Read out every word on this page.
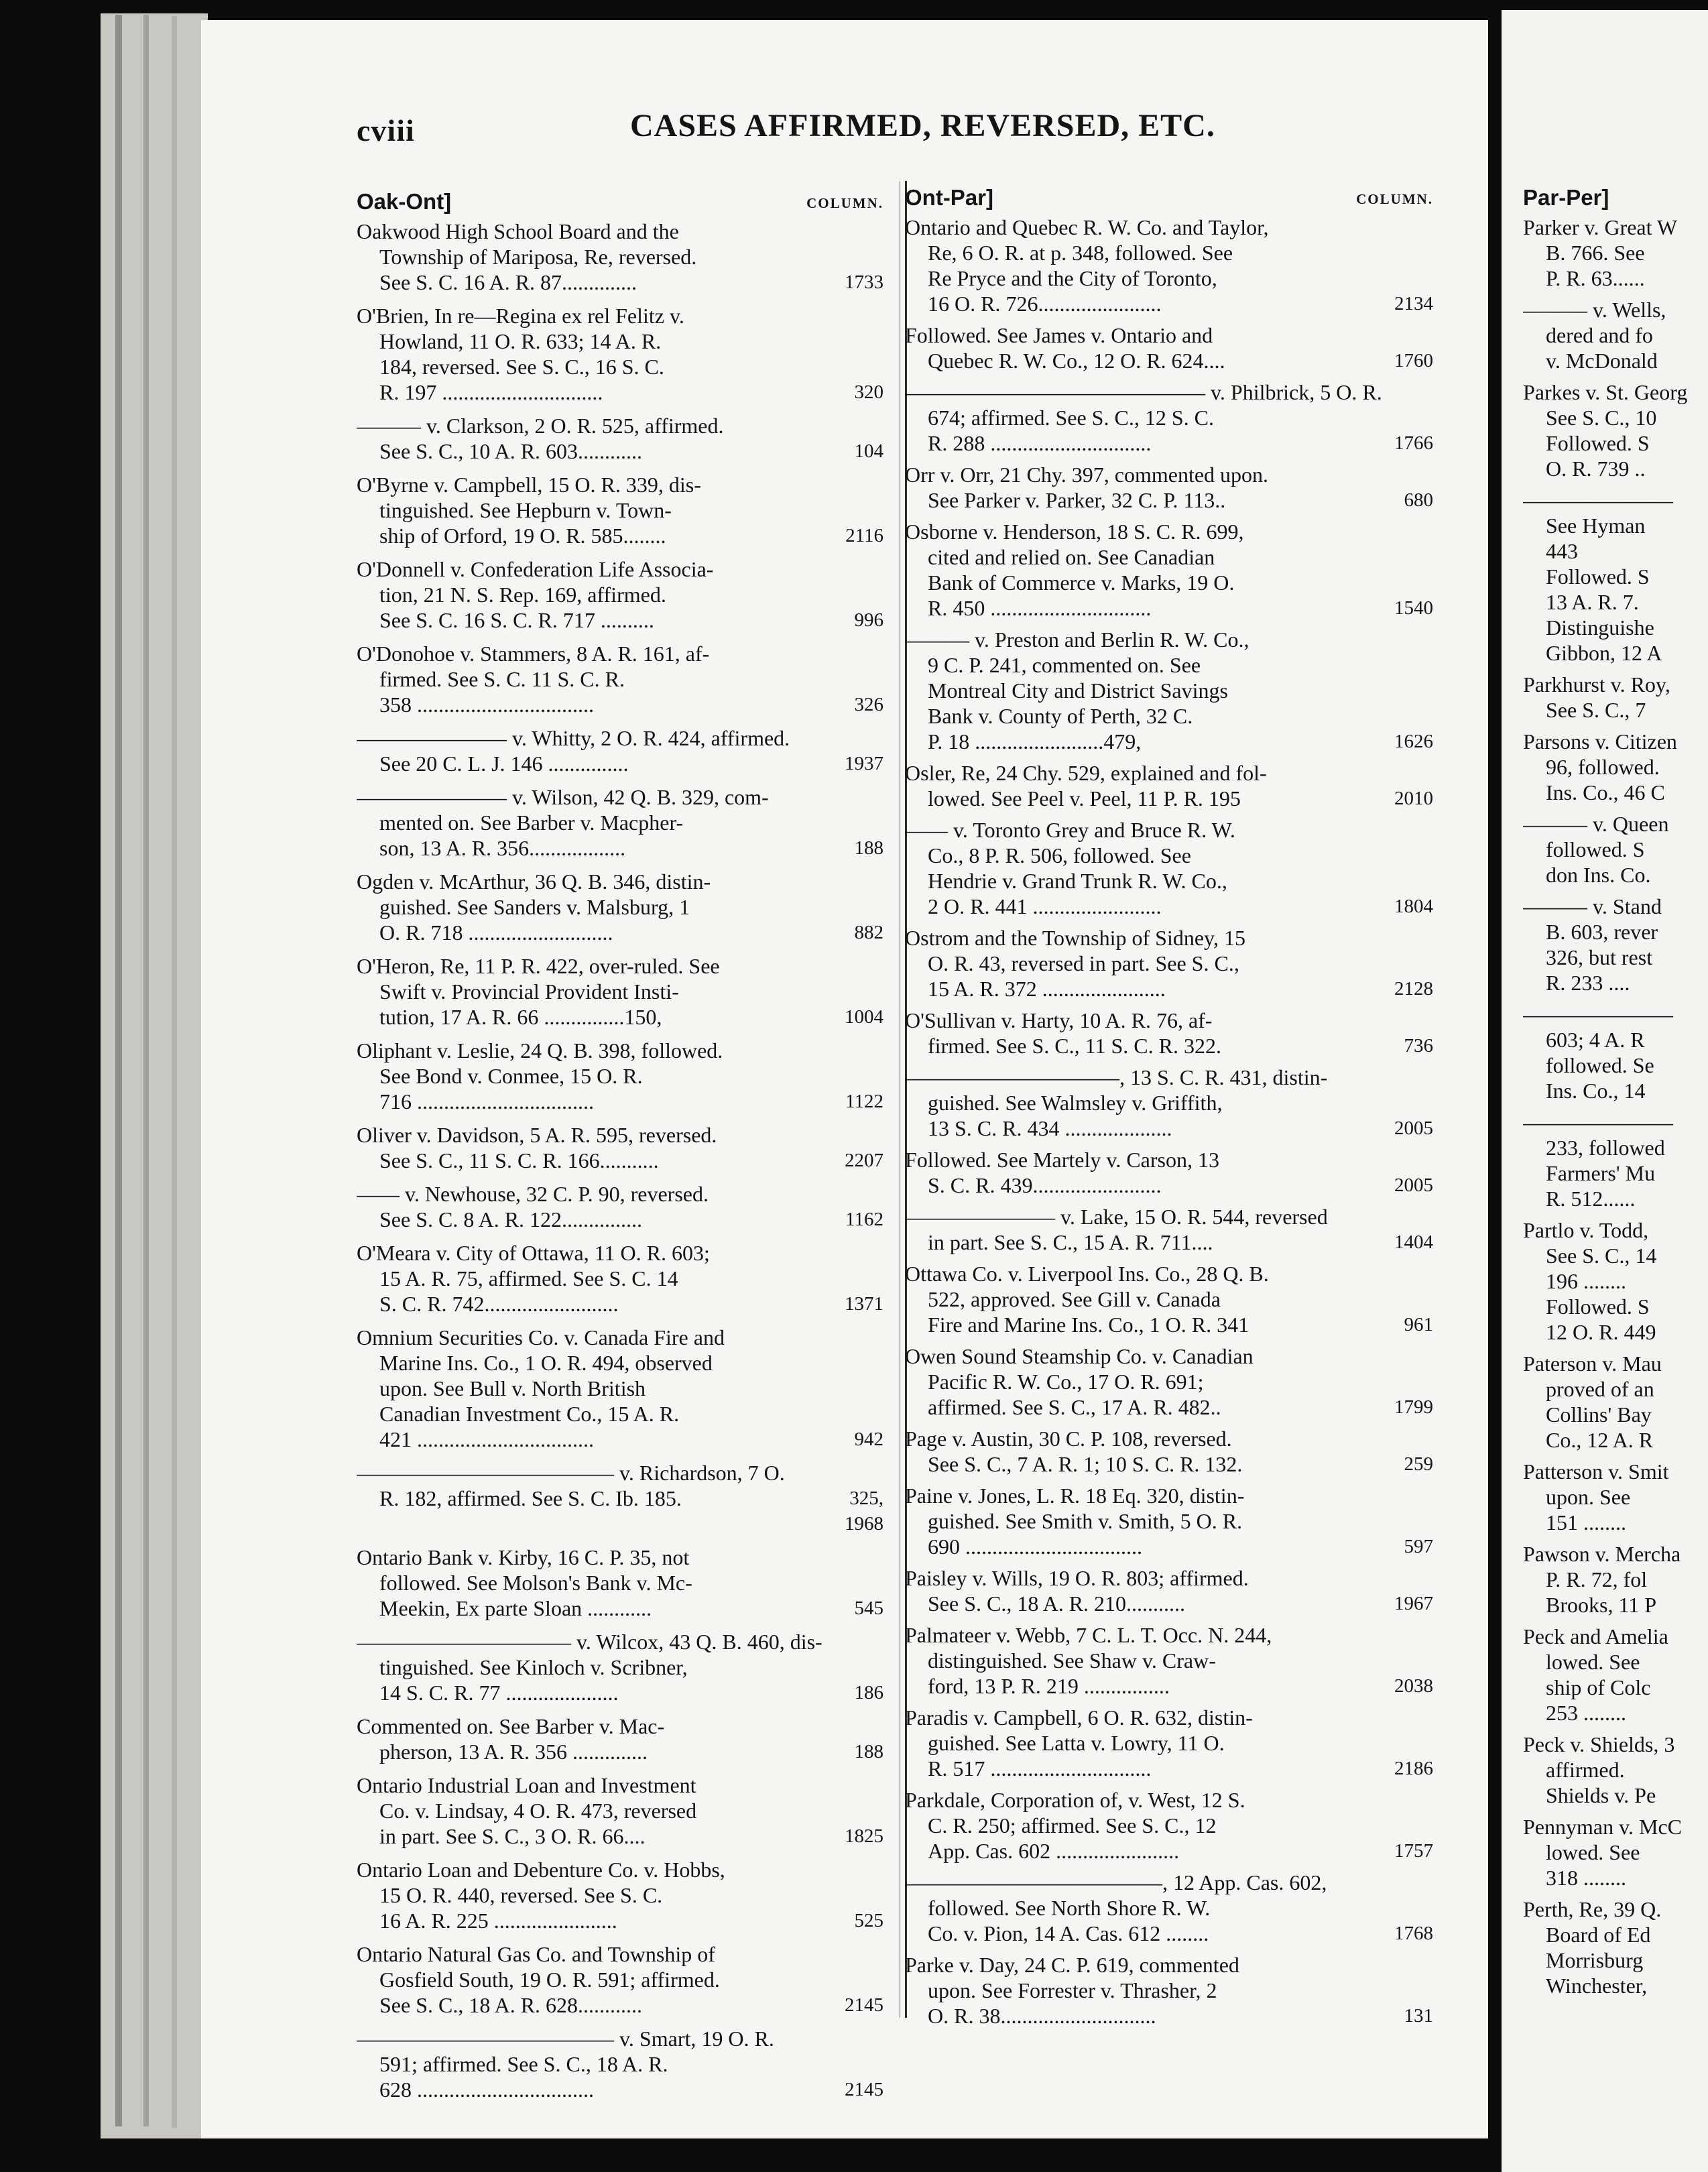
cviii	CASES AFFIRMED, REVERSED, ETC.
Oak-Ont]	COLUMN.
Oakwood High School Board and the
Township of Mariposa, Re, reversed.
See S. C. 16 A. R. 87..............	1733
O'Brien, In re—Regina ex rel Felitz v.
Howland, 11 O. R. 633; 14 A. R.
184, reversed. See S. C., 16 S. C.
R. 197 ..............................	320
——— v. Clarkson, 2 O. R. 525, affirmed.
See S. C., 10 A. R. 603............	104
O'Byrne v. Campbell, 15 O. R. 339, dis-
tinguished. See Hepburn v. Town-
ship of Orford, 19 O. R. 585........	2116
O'Donnell v. Confederation Life Associa-
tion, 21 N. S. Rep. 169, affirmed.
See S. C. 16 S. C. R. 717 ..........	996
O'Donohoe v. Stammers, 8 A. R. 161, af-
firmed. See S. C. 11 S. C. R.
358 .................................	326
——————— v. Whitty, 2 O. R. 424, affirmed.
See 20 C. L. J. 146 ...............	1937
——————— v. Wilson, 42 Q. B. 329, com-
mented on. See Barber v. Macpher-
son, 13 A. R. 356..................	188
Ogden v. McArthur, 36 Q. B. 346, distin-
guished. See Sanders v. Malsburg, 1
O. R. 718 ...........................	882
O'Heron, Re, 11 P. R. 422, over-ruled. See
Swift v. Provincial Provident Insti-
tution, 17 A. R. 66 ...............150,	1004
Oliphant v. Leslie, 24 Q. B. 398, followed.
See Bond v. Conmee, 15 O. R.
716 .................................	1122
Oliver v. Davidson, 5 A. R. 595, reversed.
See S. C., 11 S. C. R. 166...........	2207
—— v. Newhouse, 32 C. P. 90, reversed.
See S. C. 8 A. R. 122...............	1162
O'Meara v. City of Ottawa, 11 O. R. 603;
15 A. R. 75, affirmed. See S. C. 14
S. C. R. 742.........................	1371
Omnium Securities Co. v. Canada Fire and
Marine Ins. Co., 1 O. R. 494, observed
upon. See Bull v. North British
Canadian Investment Co., 15 A. R.
421 .................................	942
———————————— v. Richardson, 7 O.
R. 182, affirmed. See S. C. Ib. 185.	325,
1968
Ontario Bank v. Kirby, 16 C. P. 35, not
followed. See Molson's Bank v. Mc-
Meekin, Ex parte Sloan ............	545
—————————— v. Wilcox, 43 Q. B. 460, dis-
tinguished. See Kinloch v. Scribner,
14 S. C. R. 77 .....................	186
Commented on. See Barber v. Mac-
pherson, 13 A. R. 356 ..............	188
Ontario Industrial Loan and Investment
Co. v. Lindsay, 4 O. R. 473, reversed
in part. See S. C., 3 O. R. 66....	1825
Ontario Loan and Debenture Co. v. Hobbs,
15 O. R. 440, reversed. See S. C.
16 A. R. 225 .......................	525
Ontario Natural Gas Co. and Township of
Gosfield South, 19 O. R. 591; affirmed.
See S. C., 18 A. R. 628............	2145
———————————— v. Smart, 19 O. R.
591; affirmed. See S. C., 18 A. R.
628 .................................	2145
Ont-Par]	COLUMN.
Ontario and Quebec R. W. Co. and Taylor,
Re, 6 O. R. at p. 348, followed. See
Re Pryce and the City of Toronto,
16 O. R. 726.......................	2134
Followed. See James v. Ontario and
Quebec R. W. Co., 12 O. R. 624....	1760
—————————————— v. Philbrick, 5 O. R.
674; affirmed. See S. C., 12 S. C.
R. 288 ..............................	1766
Orr v. Orr, 21 Chy. 397, commented upon.
See Parker v. Parker, 32 C. P. 113..	680
Osborne v. Henderson, 18 S. C. R. 699,
cited and relied on. See Canadian
Bank of Commerce v. Marks, 19 O.
R. 450 ..............................	1540
——— v. Preston and Berlin R. W. Co.,
9 C. P. 241, commented on. See
Montreal City and District Savings
Bank v. County of Perth, 32 C.
P. 18 ........................479,	1626
Osler, Re, 24 Chy. 529, explained and fol-
lowed. See Peel v. Peel, 11 P. R. 195	2010
—— v. Toronto Grey and Bruce R. W.
Co., 8 P. R. 506, followed. See
Hendrie v. Grand Trunk R. W. Co.,
2 O. R. 441 ........................	1804
Ostrom and the Township of Sidney, 15
O. R. 43, reversed in part. See S. C.,
15 A. R. 372 .......................	2128
O'Sullivan v. Harty, 10 A. R. 76, af-
firmed. See S. C., 11 S. C. R. 322.	736
——————————, 13 S. C. R. 431, distin-
guished. See Walmsley v. Griffith,
13 S. C. R. 434 ....................	2005
Followed. See Martely v. Carson, 13
S. C. R. 439........................	2005
——————— v. Lake, 15 O. R. 544, reversed
in part. See S. C., 15 A. R. 711....	1404
Ottawa Co. v. Liverpool Ins. Co., 28 Q. B.
522, approved. See Gill v. Canada
Fire and Marine Ins. Co., 1 O. R. 341	961
Owen Sound Steamship Co. v. Canadian
Pacific R. W. Co., 17 O. R. 691;
affirmed. See S. C., 17 A. R. 482..	1799
Page v. Austin, 30 C. P. 108, reversed.
See S. C., 7 A. R. 1; 10 S. C. R. 132.	259
Paine v. Jones, L. R. 18 Eq. 320, distin-
guished. See Smith v. Smith, 5 O. R.
690 .................................	597
Paisley v. Wills, 19 O. R. 803; affirmed.
See S. C., 18 A. R. 210...........	1967
Palmateer v. Webb, 7 C. L. T. Occ. N. 244,
distinguished. See Shaw v. Craw-
ford, 13 P. R. 219 ................	2038
Paradis v. Campbell, 6 O. R. 632, distin-
guished. See Latta v. Lowry, 11 O.
R. 517 ..............................	2186
Parkdale, Corporation of, v. West, 12 S.
C. R. 250; affirmed. See S. C., 12
App. Cas. 602 .......................	1757
————————————, 12 App. Cas. 602,
followed. See North Shore R. W.
Co. v. Pion, 14 A. Cas. 612 ........	1768
Parke v. Day, 24 C. P. 619, commented
upon. See Forrester v. Thrasher, 2
O. R. 38.............................	131
Par-Per]
Parker v. Great W
B. 766. See
P. R. 63......
——— v. Wells,
dered and fo
v. McDonald
Parkes v. St. Georg
See S. C., 10
Followed. S
O. R. 739 ..
———————
See Hyman
443
Followed. S
13 A. R. 7.
Distinguishe
Gibbon, 12 A
Parkhurst v. Roy,
See S. C., 7
Parsons v. Citizen
96, followed.
Ins. Co., 46 C
——— v. Queen
followed. S
don Ins. Co.
——— v. Stand
B. 603, rever
326, but rest
R. 233 ....
———————
603; 4 A. R
followed. Se
Ins. Co., 14
———————
233, followed
Farmers' Mu
R. 512......
Partlo v. Todd,
See S. C., 14
196 ........
Followed. S
12 O. R. 449
Paterson v. Mau
proved of an
Collins' Bay
Co., 12 A. R
Patterson v. Smit
upon. See
151 ........
Pawson v. Mercha
P. R. 72, fol
Brooks, 11 P
Peck and Amelia
lowed. See
ship of Colc
253 ........
Peck v. Shields, 3
affirmed.
Shields v. Pe
Pennyman v. McC
lowed. See
318 ........
Perth, Re, 39 Q.
Board of Ed
Morrisburg
Winchester,
